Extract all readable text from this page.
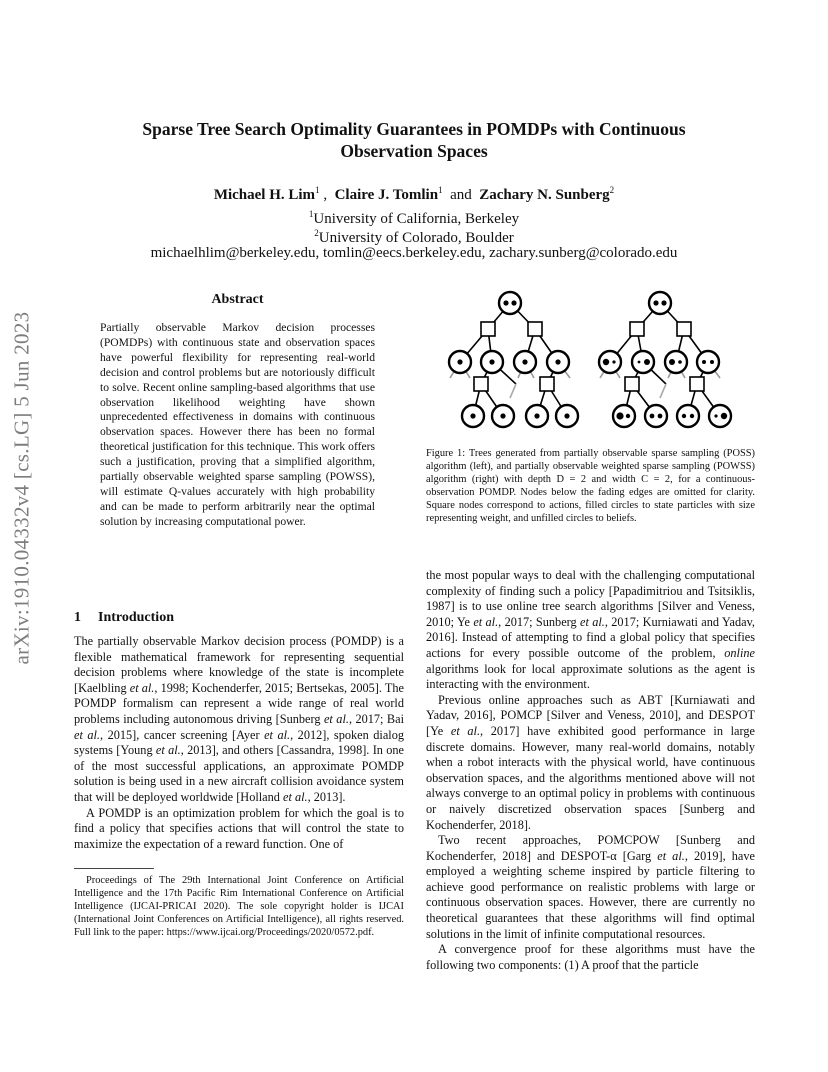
Sparse Tree Search Optimality Guarantees in POMDPs with Continuous
Observation Spaces
Michael H. Lim$^1$ , Claire J. Tomlin$^1$ and Zachary N. Sunberg$^2$
$^1$University of California, Berkeley
$^2$University of Colorado, Boulder
michaelhlim@berkeley.edu, tomlin@eecs.berkeley.edu, zachary.sunberg@colorado.edu
arXiv:1910.04332v4 [cs.LG] 5 Jun 2023
Abstract

Partially observable Markov decision processes (POMDPs) with continuous state and observation spaces have powerful flexibility for representing real-world decision and control problems but are notoriously difficult to solve. Recent online sampling-based algorithms that use observation likelihood weighting have shown unprecedented effectiveness in domains with continuous observation spaces. However there has been no formal theoretical justification for this technique. This work offers such a justification, proving that a simplified algorithm, partially observable weighted sparse sampling (POWSS), will estimate Q-values accurately with high probability and can be made to perform arbitrarily near the optimal solution by increasing computational power.

1 Introduction

The partially observable Markov decision process (POMDP) is a flexible mathematical framework for representing sequential decision problems where knowledge of the state is incomplete [Kaelbling et al., 1998; Kochenderfer, 2015; Bertsekas, 2005]. The POMDP formalism can represent a wide range of real world problems including autonomous driving [Sunberg et al., 2017; Bai et al., 2015], cancer screening [Ayer et al., 2012], spoken dialog systems [Young et al., 2013], and others [Cassandra, 1998]. In one of the most successful applications, an approximate POMDP solution is being used in a new aircraft collision avoidance system that will be deployed worldwide [Holland et al., 2013].

A POMDP is an optimization problem for which the goal is to find a policy that specifies actions that will control the state to maximize the expectation of a reward function. One of

Proceedings of The 29th International Joint Conference on Artificial Intelligence and the 17th Pacific Rim International Conference on Artificial Intelligence (IJCAI-PRICAI 2020). The sole copyright holder is IJCAI (International Joint Conferences on Artificial Intelligence), all rights reserved. Full link to the paper: https://www.ijcai.org/Proceedings/2020/0572.pdf.

Figure 1: Trees generated from partially observable sparse sampling (POSS) algorithm (left), and partially observable weighted sparse sampling (POWSS) algorithm (right) with depth D = 2 and width C = 2, for a continuous-observation POMDP. Nodes below the fading edges are omitted for clarity. Square nodes correspond to actions, filled circles to state particles with size representing weight, and unfilled circles to beliefs.

the most popular ways to deal with the challenging computational complexity of finding such a policy [Papadimitriou and Tsitsiklis, 1987] is to use online tree search algorithms [Silver and Veness, 2010; Ye et al., 2017; Sunberg et al., 2017; Kurniawati and Yadav, 2016]. Instead of attempting to find a global policy that specifies actions for every possible outcome of the problem, online algorithms look for local approximate solutions as the agent is interacting with the environment.

Previous online approaches such as ABT [Kurniawati and Yadav, 2016], POMCP [Silver and Veness, 2010], and DESPOT [Ye et al., 2017] have exhibited good performance in large discrete domains. However, many real-world domains, notably when a robot interacts with the physical world, have continuous observation spaces, and the algorithms mentioned above will not always converge to an optimal policy in problems with continuous or naively discretized observation spaces [Sunberg and Kochenderfer, 2018].

Two recent approaches, POMCPOW [Sunberg and Kochenderfer, 2018] and DESPOT-α [Garg et al., 2019], have employed a weighting scheme inspired by particle filtering to achieve good performance on realistic problems with large or continuous observation spaces. However, there are currently no theoretical guarantees that these algorithms will find optimal solutions in the limit of infinite computational resources.

A convergence proof for these algorithms must have the following two components: (1) A proof that the particle
